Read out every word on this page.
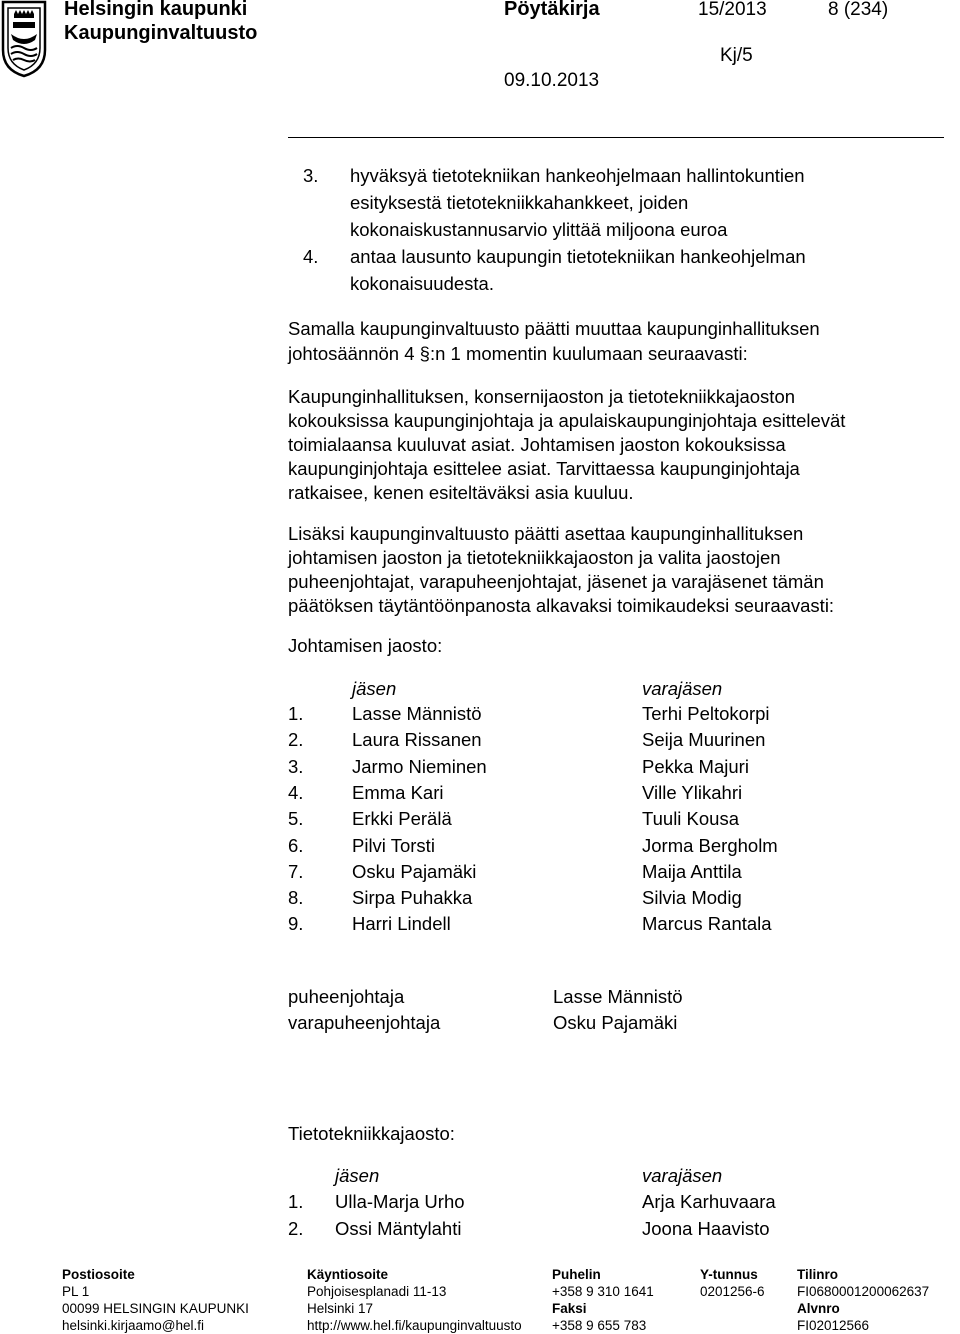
Helsingin kaupunki
Kaupunginvaltuusto
Pöytäkirja	15/2013	8 (234)
Kj/5
09.10.2013
3. hyväksyä tietotekniikan hankeohjelmaan hallintokuntien
esityksestä tietotekniikkahankkeet, joiden
kokonaiskustannusarvio ylittää miljoona euroa
4. antaa lausunto kaupungin tietotekniikan hankeohjelman
kokonaisuudesta.
Samalla kaupunginvaltuusto päätti muuttaa kaupunginhallituksen
johtosäännön 4 §:n 1 momentin kuulumaan seuraavasti:
Kaupunginhallituksen, konsernijaoston ja tietotekniikkajaoston
kokouksissa kaupunginjohtaja ja apulaiskaupunginjohtaja esittelevät
toimialaansa kuuluvat asiat. Johtamisen jaoston kokouksissa
kaupunginjohtaja esittelee asiat. Tarvittaessa kaupunginjohtaja
ratkaisee, kenen esiteltäväksi asia kuuluu.
Lisäksi kaupunginvaltuusto päätti asettaa kaupunginhallituksen
johtamisen jaoston ja tietotekniikkajaoston ja valita jaostojen
puheenjohtajat, varapuheenjohtajat, jäsenet ja varajäsenet tämän
päätöksen täytäntöönpanosta alkavaksi toimikaudeksi seuraavasti:
Johtamisen jaosto:
jäsen	varajäsen
1.	Lasse Männistö	Terhi Peltokorpi
2.	Laura Rissanen	Seija Muurinen
3.	Jarmo Nieminen	Pekka Majuri
4.	Emma Kari	Ville Ylikahri
5.	Erkki Perälä	Tuuli Kousa
6.	Pilvi Torsti	Jorma Bergholm
7.	Osku Pajamäki	Maija Anttila
8.	Sirpa Puhakka	Silvia Modig
9.	Harri Lindell	Marcus Rantala
puheenjohtaja	Lasse Männistö
varapuheenjohtaja	Osku Pajamäki
Tietotekniikkajaosto:
jäsen	varajäsen
1. Ulla-Marja Urho	Arja Karhuvaara
2. Ossi Mäntylahti	Joona Haavisto
Postiosoite
PL 1
00099 HELSINGIN KAUPUNKI
helsinki.kirjaamo@hel.fi
Käyntiosoite
Pohjoisesplanadi 11-13
Helsinki 17
http://www.hel.fi/kaupunginvaltuusto
Puhelin
+358 9 310 1641
Faksi
+358 9 655 783
Y-tunnus
0201256-6
Tilinro
FI0680001200062637
Alvnro
FI02012566
